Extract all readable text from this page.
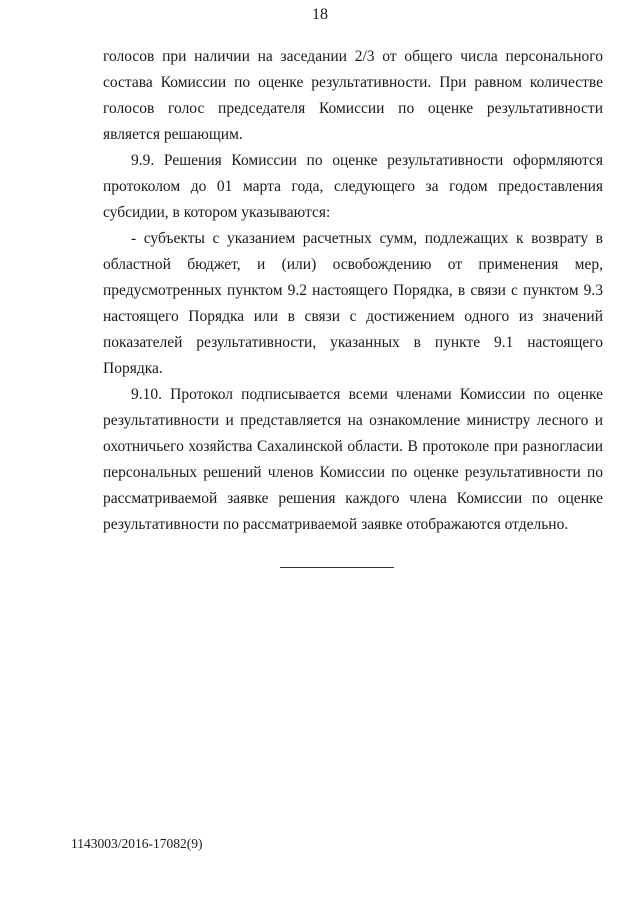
18

голосов при наличии на заседании 2/3 от общего числа персонального состава Комиссии по оценке результативности. При равном количестве голосов голос председателя Комиссии по оценке результативности является решающим.

9.9. Решения Комиссии по оценке результативности оформляются протоколом до 01 марта года, следующего за годом предоставления субсидии, в котором указываются:

- субъекты с указанием расчетных сумм, подлежащих к возврату в областной бюджет, и (или) освобождению от применения мер, предусмотренных пунктом 9.2 настоящего Порядка, в связи с пунктом 9.3 настоящего Порядка или в связи с достижением одного из значений показателей результативности, указанных в пункте 9.1 настоящего Порядка.

9.10. Протокол подписывается всеми членами Комиссии по оценке результативности и представляется на ознакомление министру лесного и охотничьего хозяйства Сахалинской области. В протоколе при разногласии персональных решений членов Комиссии по оценке результативности по рассматриваемой заявке решения каждого члена Комиссии по оценке результативности по рассматриваемой заявке отображаются отдельно.

1143003/2016-17082(9)
